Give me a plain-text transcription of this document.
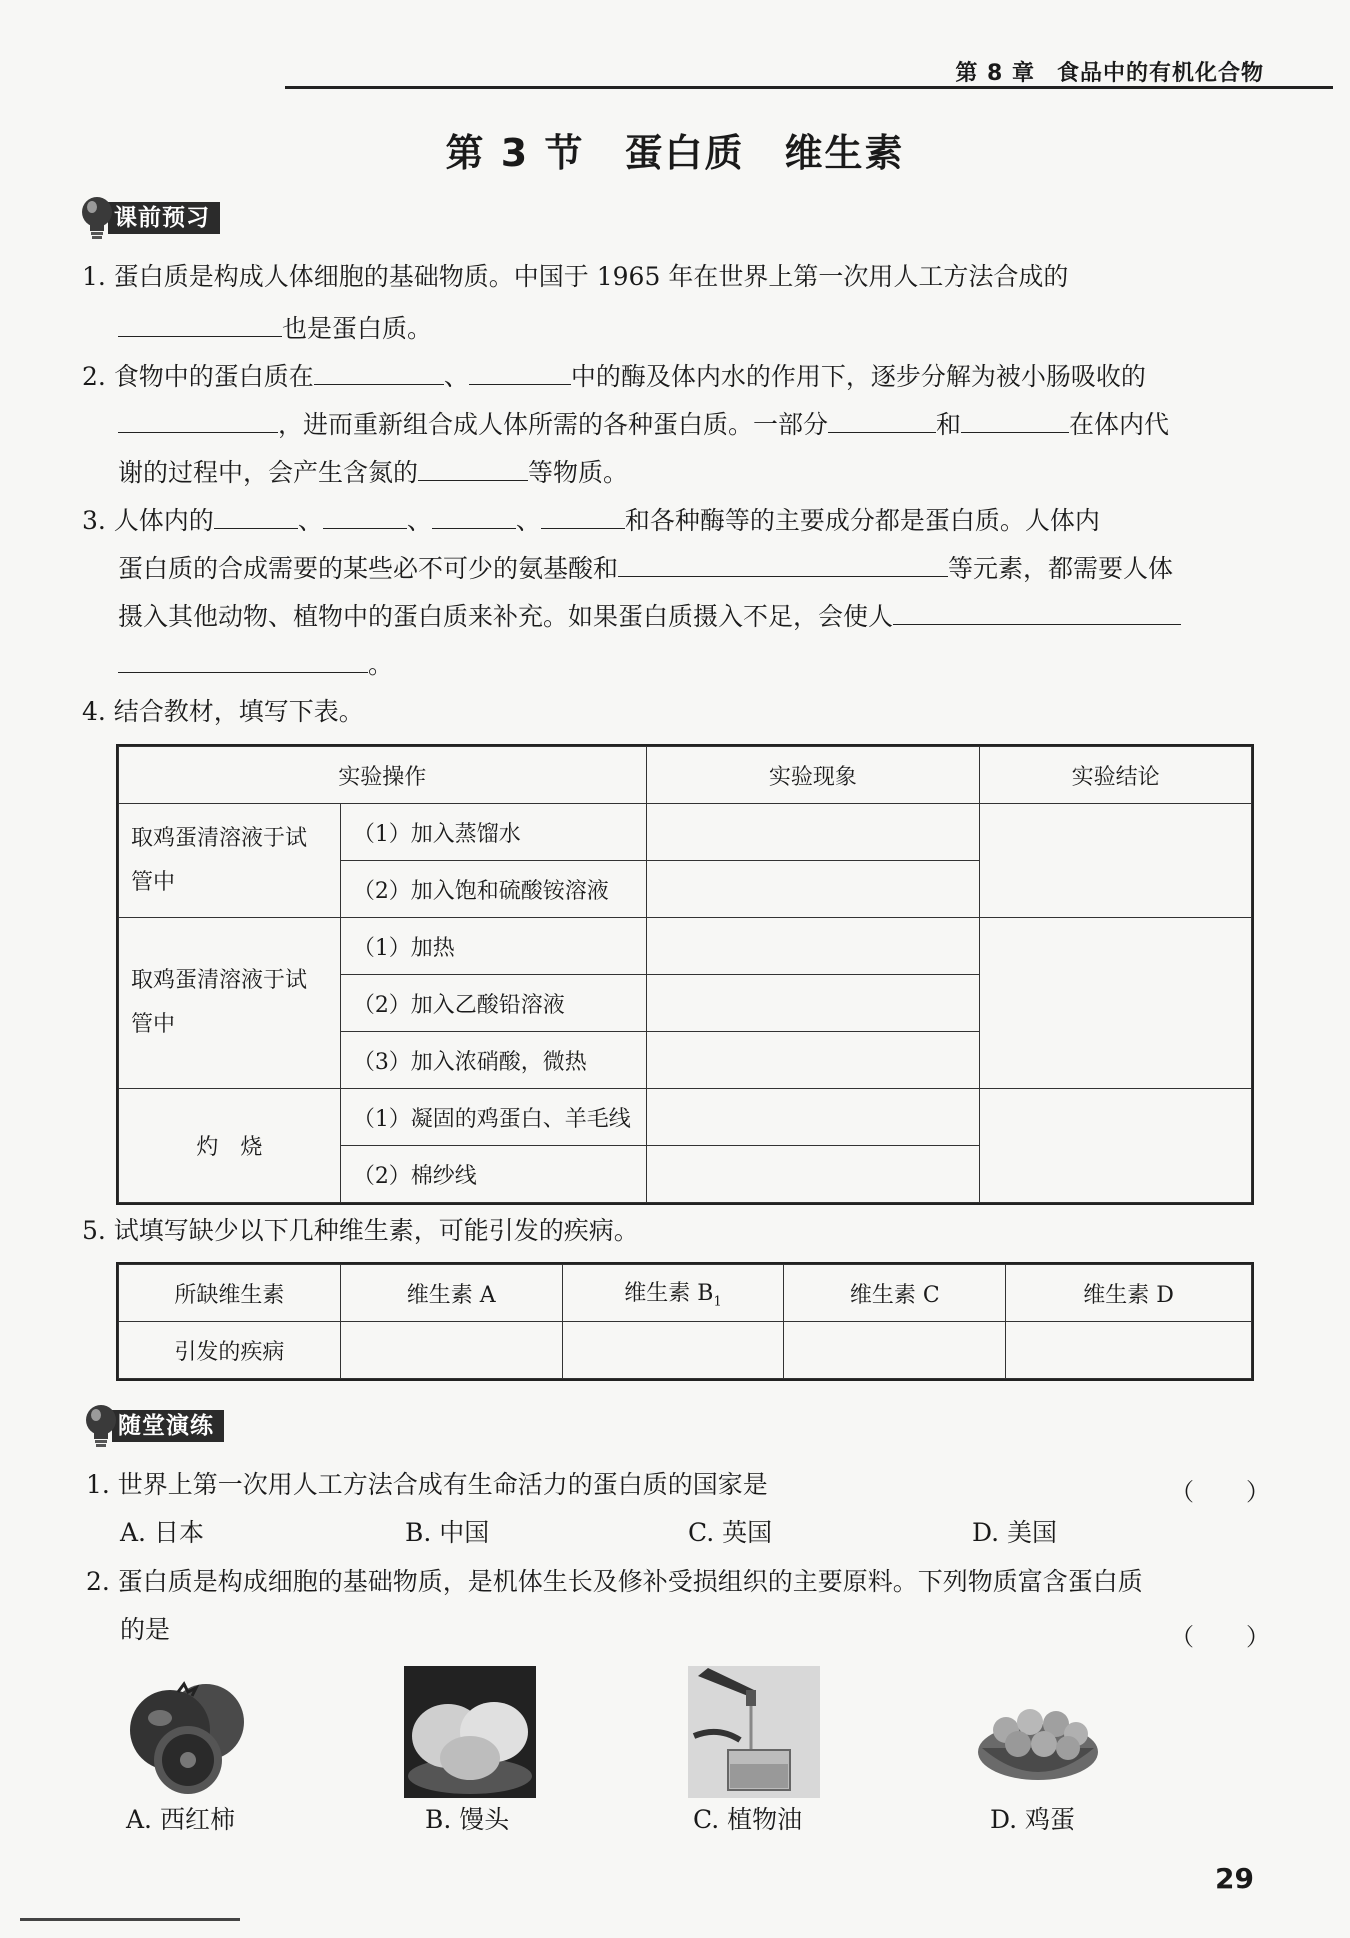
第 8 章 食品中的有机化合物
第 3 节　蛋白质　维生素
课前预习
1. 蛋白质是构成人体细胞的基础物质。中国于 1965 年在世界上第一次用人工方法合成的
也是蛋白质。
2. 食物中的蛋白质在	、	中的酶及体内水的作用下，逐步分解为被小肠吸收的
，进而重新组合成人体所需的各种蛋白质。一部分	和	在体内代
谢的过程中，会产生含氮的	等物质。
3. 人体内的	、	、	、	和各种酶等的主要成分都是蛋白质。人体内
蛋白质的合成需要的某些必不可少的氨基酸和	等元素，都需要人体
摄入其他动物、植物中的蛋白质来补充。如果蛋白质摄入不足，会使人
。
4. 结合教材，填写下表。
实验操作		实验现象	实验结论
取鸡蛋清溶液于试管中	（1）加入蒸馏水		
	（2）加入饱和硫酸铵溶液		
取鸡蛋清溶液于试管中	（1）加热		
	（2）加入乙酸铅溶液		
	（3）加入浓硝酸，微热		
灼　烧	（1）凝固的鸡蛋白、羊毛线		
	（2）棉纱线		
5. 试填写缺少以下几种维生素，可能引发的疾病。
所缺维生素	维生素 A	维生素 $B_1$	维生素 C	维生素 D
引发的疾病				
随堂演练
1. 世界上第一次用人工方法合成有生命活力的蛋白质的国家是	（　）
A. 日本	B. 中国	C. 英国	D. 美国
2. 蛋白质是构成细胞的基础物质，是机体生长及修补受损组织的主要原料。下列物质富含蛋白质
的是	（　）
A. 西红柿	B. 馒头	C. 植物油	D. 鸡蛋
29
